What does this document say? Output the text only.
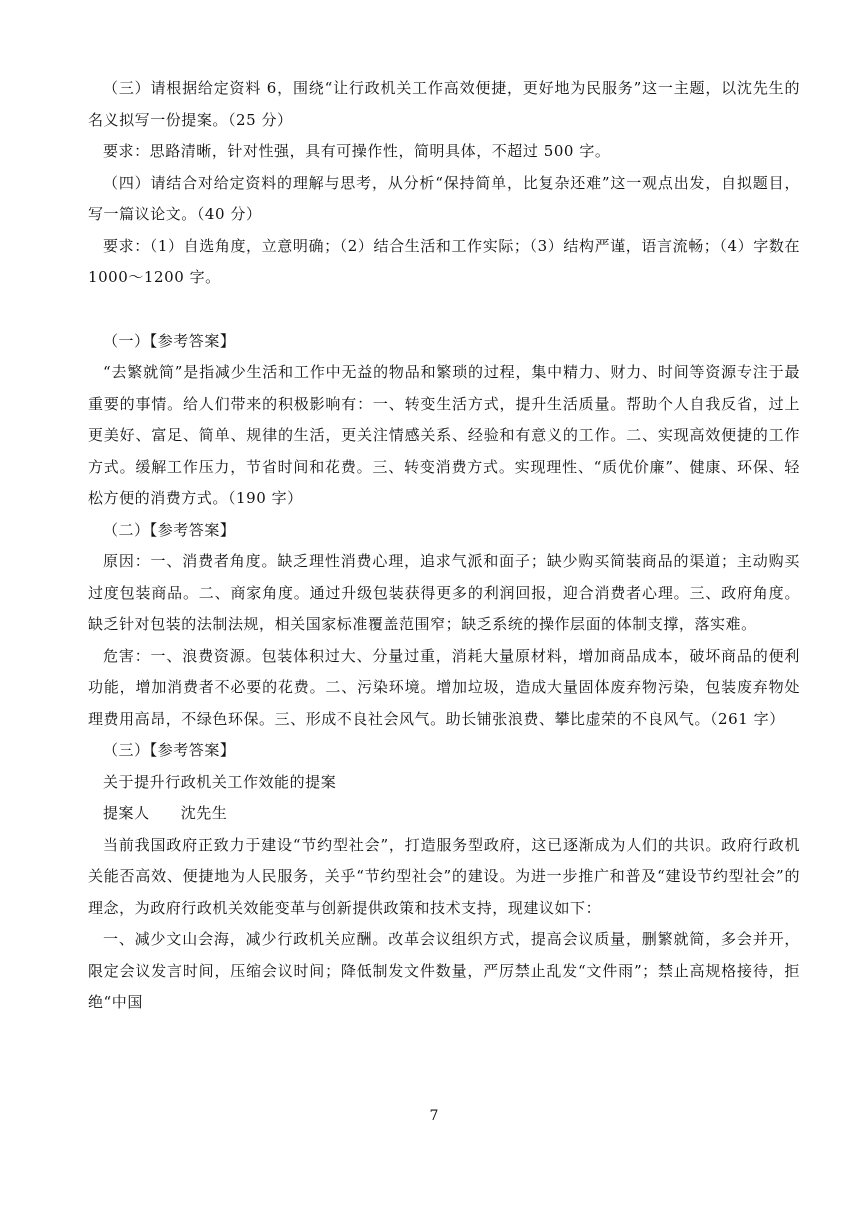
（三）请根据给定资料 6，围绕“让行政机关工作高效便捷，更好地为民服务”这一主题，以沈先生的名义拟写一份提案。（25 分）

要求：思路清晰，针对性强，具有可操作性，简明具体，不超过 500 字。

（四）请结合对给定资料的理解与思考，从分析“保持简单，比复杂还难”这一观点出发，自拟题目，写一篇议论文。（40 分）

要求：（1）自选角度，立意明确；（2）结合生活和工作实际；（3）结构严谨，语言流畅；（4）字数在 1000～1200 字。

（一）【参考答案】

“去繁就简”是指减少生活和工作中无益的物品和繁琐的过程，集中精力、财力、时间等资源专注于最重要的事情。给人们带来的积极影响有：一、转变生活方式，提升生活质量。帮助个人自我反省，过上更美好、富足、简单、规律的生活，更关注情感关系、经验和有意义的工作。二、实现高效便捷的工作方式。缓解工作压力，节省时间和花费。三、转变消费方式。实现理性、“质优价廉”、健康、环保、轻松方便的消费方式。（190 字）

（二）【参考答案】

原因：一、消费者角度。缺乏理性消费心理，追求气派和面子；缺少购买简装商品的渠道；主动购买过度包装商品。二、商家角度。通过升级包装获得更多的利润回报，迎合消费者心理。三、政府角度。缺乏针对包装的法制法规，相关国家标准覆盖范围窄；缺乏系统的操作层面的体制支撑，落实难。

危害：一、浪费资源。包装体积过大、分量过重，消耗大量原材料，增加商品成本，破坏商品的便利功能，增加消费者不必要的花费。二、污染环境。增加垃圾，造成大量固体废弃物污染，包装废弃物处理费用高昂，不绿色环保。三、形成不良社会风气。助长铺张浪费、攀比虚荣的不良风气。（261 字）

（三）【参考答案】

关于提升行政机关工作效能的提案

提案人　　沈先生

当前我国政府正致力于建设“节约型社会”，打造服务型政府，这已逐渐成为人们的共识。政府行政机关能否高效、便捷地为人民服务，关乎“节约型社会”的建设。为进一步推广和普及“建设节约型社会”的理念，为政府行政机关效能变革与创新提供政策和技术支持，现建议如下：

一、减少文山会海，减少行政机关应酬。改革会议组织方式，提高会议质量，删繁就简，多会并开，限定会议发言时间，压缩会议时间；降低制发文件数量，严厉禁止乱发“文件雨”；禁止高规格接待，拒绝“中国

7
